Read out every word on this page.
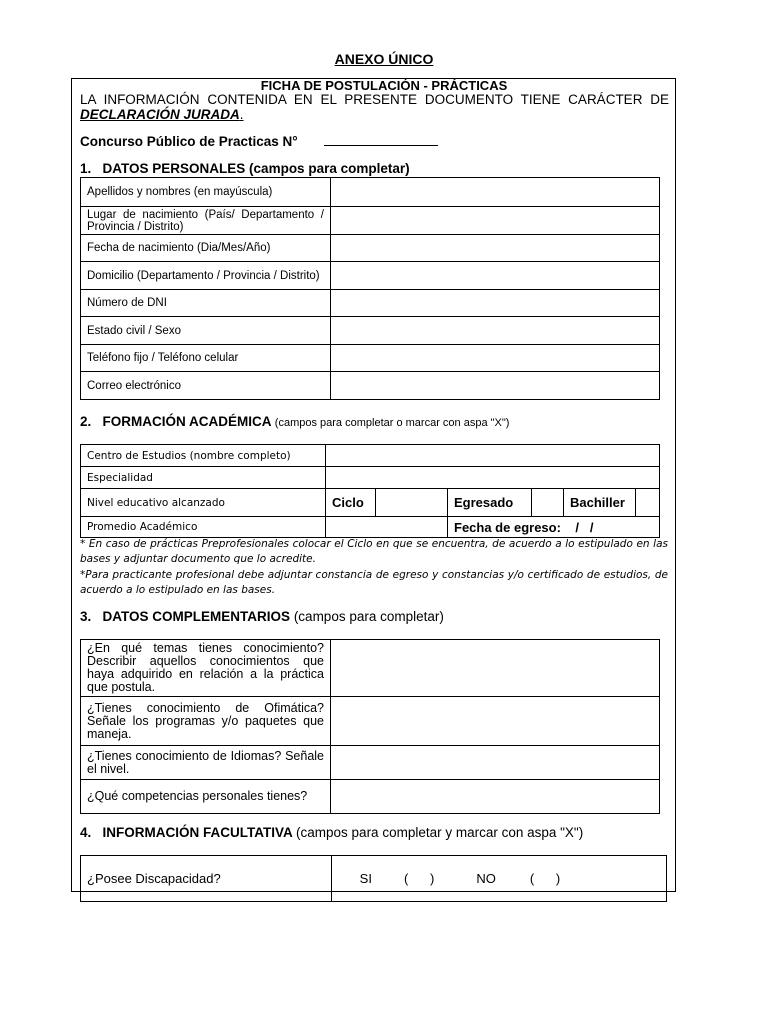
ANEXO ÚNICO
FICHA DE POSTULACIÓN - PRÁCTICAS
LA INFORMACIÓN CONTENIDA EN EL PRESENTE DOCUMENTO TIENE CARÁCTER DE
DECLARACIÓN JURADA.
Concurso Público de Practicas N°
1. DATOS PERSONALES (campos para completar)
Apellidos y nombres (en mayúscula)	
Lugar de nacimiento (País/ Departamento / Provincia / Distrito)	
Fecha de nacimiento (Dia/Mes/Año)	
Domicilio (Departamento / Provincia / Distrito)	
Número de DNI	
Estado civil / Sexo	
Teléfono fijo / Teléfono celular	
Correo electrónico	
2. FORMACIÓN ACADÉMICA (campos para completar o marcar con aspa "X")
Centro de Estudios (nombre completo)						
Especialidad						
Nivel educativo alcanzado	Ciclo		Egresado		Bachiller	
Promedio Académico			Fecha de egreso:    /   /			
* En caso de prácticas Preprofesionales colocar el Ciclo en que se encuentra, de acuerdo a lo estipulado en las bases y adjuntar documento que lo acredite.
*Para practicante profesional debe adjuntar constancia de egreso y constancias y/o certificado de estudios, de acuerdo a lo estipulado en las bases.
3. DATOS COMPLEMENTARIOS (campos para completar)
¿En qué temas tienes conocimiento? Describir aquellos conocimientos que haya adquirido en relación a la práctica que postula.	
¿Tienes conocimiento de Ofimática? Señale los programas y/o paquetes que maneja.	
¿Tienes conocimiento de Idiomas? Señale el nivel.	
¿Qué competencias personales tienes?	
4. INFORMACIÓN FACULTATIVA (campos para completar y marcar con aspa "X")
¿Posee Discapacidad?	SI (      )	NO	(      )
